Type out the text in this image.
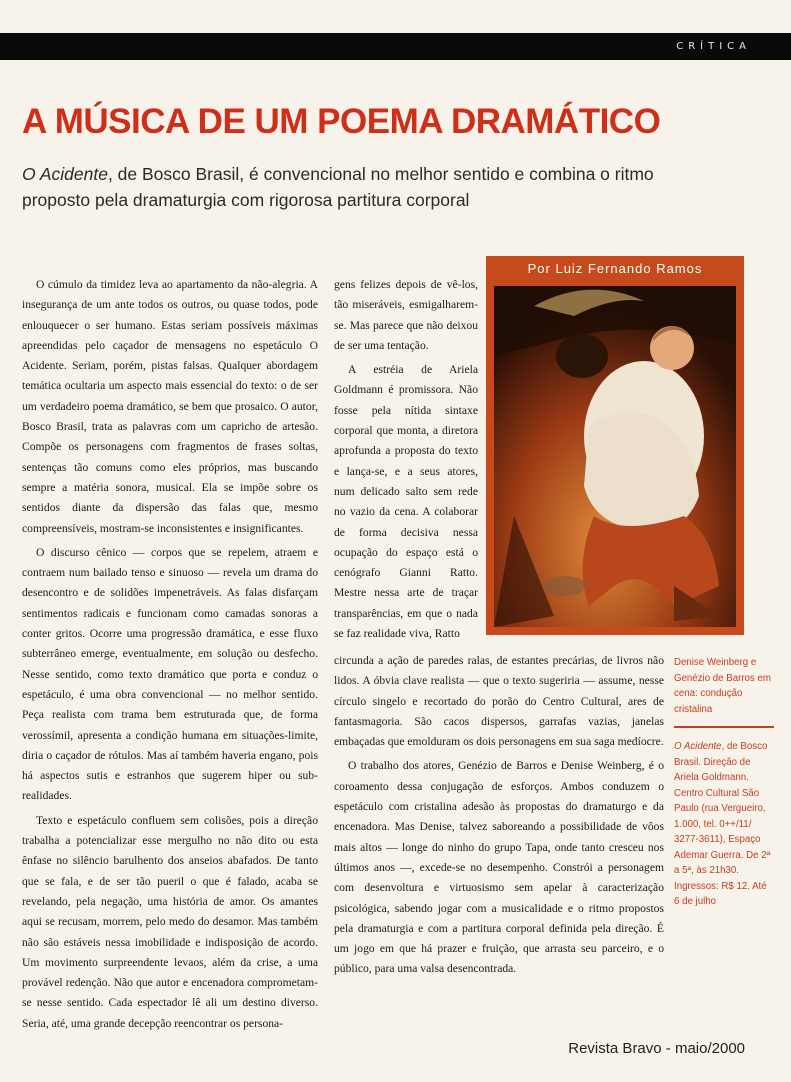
CRÍTICA
A MÚSICA DE UM POEMA DRAMÁTICO

O Acidente, de Bosco Brasil, é convencional no melhor sentido e combina o ritmo proposto pela dramaturgia com rigorosa partitura corporal

O cúmulo da timidez leva ao apartamento da não-alegria. A insegurança de um ante todos os outros, ou quase todos, pode enlouquecer o ser humano. Estas seriam possíveis máximas apreendidas pelo caçador de mensagens no espetáculo O Acidente. Seriam, porém, pistas falsas. Qualquer abordagem temática ocultaria um aspecto mais essencial do texto: o de ser um verdadeiro poema dramático, se bem que prosaico. O autor, Bosco Brasil, trata as palavras com um capricho de artesão. Compõe os personagens com fragmentos de frases soltas, sentenças tão comuns como eles próprios, mas buscando sempre a matéria sonora, musical. Ela se impõe sobre os sentidos diante da dispersão das falas que, mesmo compreensíveis, mostram-se inconsistentes e insignificantes.

O discurso cênico — corpos que se repelem, atraem e contraem num bailado tenso e sinuoso — revela um drama do desencontro e de solidões impenetráveis. As falas disfarçam sentimentos radicais e funcionam como camadas sonoras a conter gritos. Ocorre uma progressão dramática, e esse fluxo subterrâneo emerge, eventualmente, em solução ou desfecho. Nesse sentido, como texto dramático que porta e conduz o espetáculo, é uma obra convencional — no melhor sentido. Peça realista com trama bem estruturada que, de forma verossímil, apresenta a condição humana em situações-limite, diria o caçador de rótulos. Mas aí também haveria engano, pois há aspectos sutis e estranhos que sugerem hiper ou sub-realidades.

Texto e espetáculo confluem sem colisões, pois a direção trabalha a potencializar esse mergulho no não dito ou esta ênfase no silêncio barulhento dos anseios abafados. De tanto que se fala, e de ser tão pueril o que é falado, acaba se revelando, pela negação, uma história de amor. Os amantes aqui se recusam, morrem, pelo medo do desamor. Mas também não são estáveis nessa imobilidade e indisposição de acordo. Um movimento surpreendente levaos, além da crise, a uma provável redenção. Não que autor e encenadora comprometam-se nesse sentido. Cada espectador lê ali um destino diverso. Seria, até, uma grande decepção reencontrar os persona-

gens felizes depois de vê-los, tão miseráveis, esmigalharem-se. Mas parece que não deixou de ser uma tentação.

A estréia de Ariela Goldmann é promissora. Não fosse pela nítida sintaxe corporal que monta, a diretora aprofunda a proposta do texto e lança-se, e a seus atores, num delicado salto sem rede no vazio da cena. A colaborar de forma decisiva nessa ocupação do espaço está o cenógrafo Gianni Ratto. Mestre nessa arte de traçar transparências, em que o nada se faz realidade viva, Ratto

circunda a ação de paredes ralas, de estantes precárias, de livros não lidos. A óbvia clave realista — que o texto sugeriria — assume, nesse círculo singelo e recortado do porão do Centro Cultural, ares de fantasmagoria. São cacos dispersos, garrafas vazias, janelas embaçadas que emolduram os dois personagens em sua saga medíocre.

O trabalho dos atores, Genézio de Barros e Denise Weinberg, é o coroamento dessa conjugação de esforços. Ambos conduzem o espetáculo com cristalina adesão às propostas do dramaturgo e da encenadora. Mas Denise, talvez saboreando a possibilidade de vôos mais altos — longe do ninho do grupo Tapa, onde tanto cresceu nos últimos anos —, excede-se no desempenho. Constrói a personagem com desenvoltura e virtuosismo sem apelar à caracterização psicológica, sabendo jogar com a musicalidade e o ritmo propostos pela dramaturgia e com a partitura corporal definida pela direção. É um jogo em que há prazer e fruição, que arrasta seu parceiro, e o público, para uma valsa desencontrada.

Por Luiz Fernando Ramos
Denise Weinberg e Genézio de Barros em cena: condução cristalina
O Acidente, de Bosco Brasil. Direção de Ariela Goldmann. Centro Cultural São Paulo (rua Vergueiro, 1.000, tel. 0++/11/ 3277-3611), Espaço Ademar Guerra. De 2ª a 5ª, às 21h30. Ingressos: R$ 12. Até 6 de julho
Revista Bravo - maio/2000
